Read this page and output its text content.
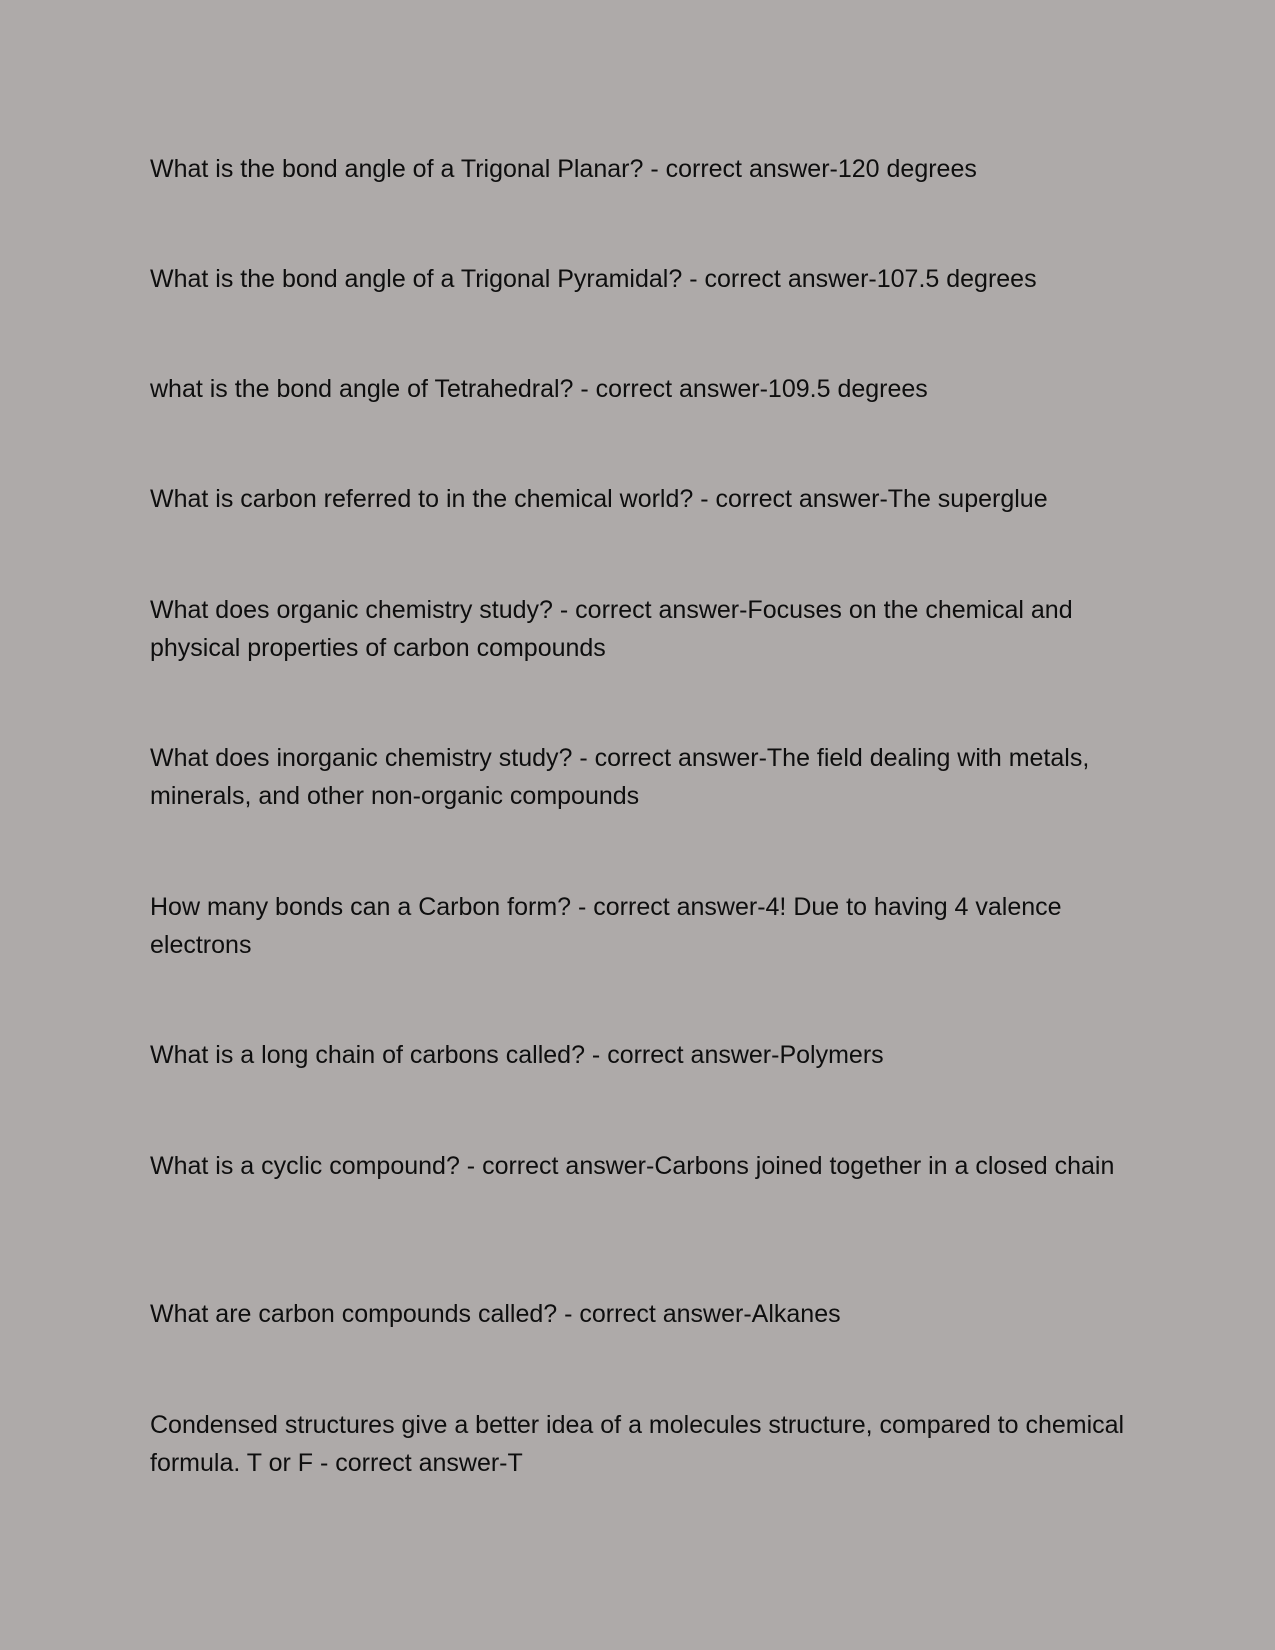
What is the bond angle of a Trigonal Planar? - correct answer-120 degrees

What is the bond angle of a Trigonal Pyramidal? - correct answer-107.5 degrees

what is the bond angle of Tetrahedral? - correct answer-109.5 degrees

What is carbon referred to in the chemical world? - correct answer-The superglue

What does organic chemistry study? - correct answer-Focuses on the chemical and physical properties of carbon compounds

What does inorganic chemistry study? - correct answer-The field dealing with metals, minerals, and other non-organic compounds

How many bonds can a Carbon form? - correct answer-4! Due to having 4 valence electrons

What is a long chain of carbons called? - correct answer-Polymers

What is a cyclic compound? - correct answer-Carbons joined together in a closed chain

What are carbon compounds called? - correct answer-Alkanes

Condensed structures give a better idea of a molecules structure, compared to chemical formula. T or F - correct answer-T
